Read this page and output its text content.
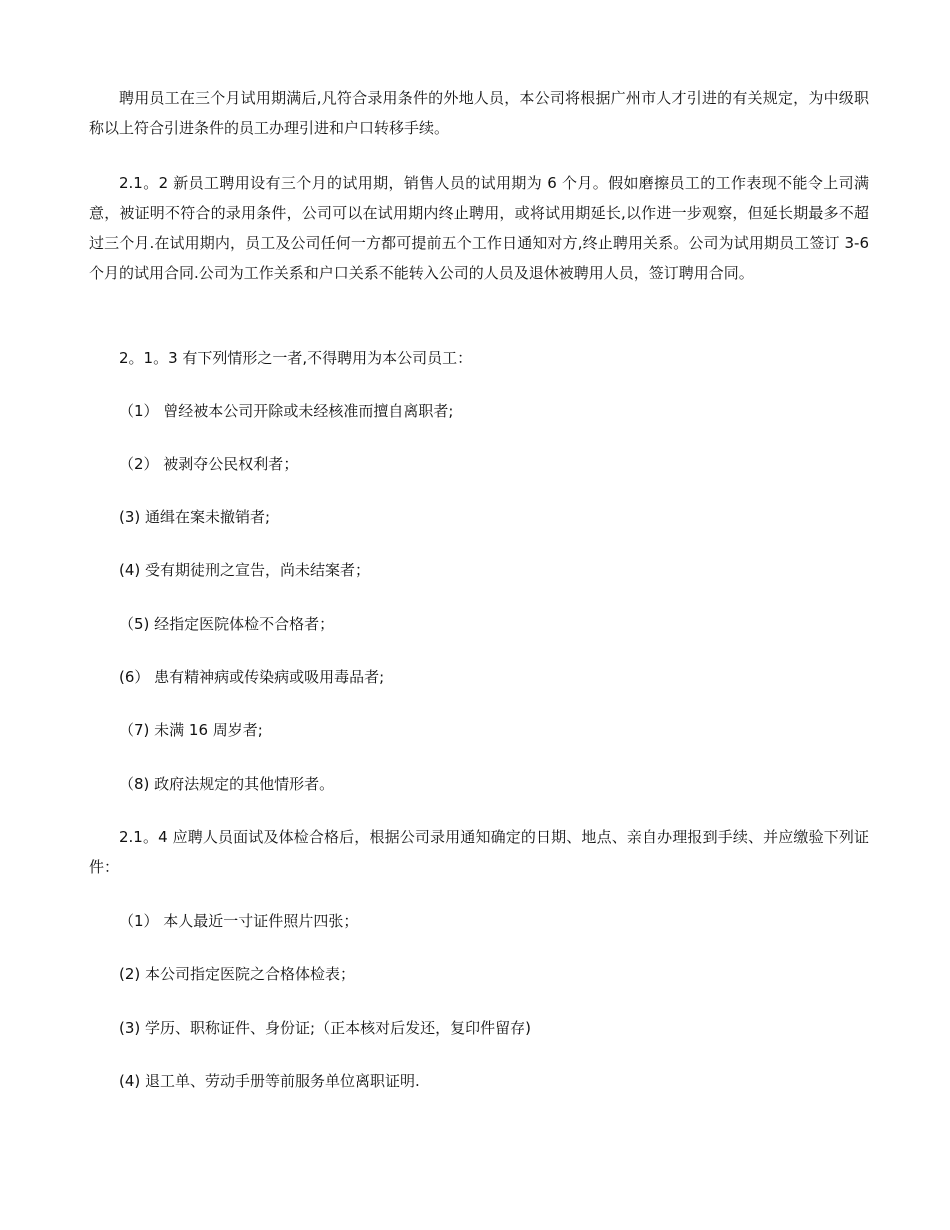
聘用员工在三个月试用期满后,凡符合录用条件的外地人员，本公司将根据广州市人才引进的有关规定，为中级职称以上符合引进条件的员工办理引进和户口转移手续。

2.1。2 新员工聘用设有三个月的试用期，销售人员的试用期为 6 个月。假如磨擦员工的工作表现不能令上司满意，被证明不符合的录用条件，公司可以在试用期内终止聘用，或将试用期延长,以作进一步观察，但延长期最多不超过三个月.在试用期内，员工及公司任何一方都可提前五个工作日通知对方,终止聘用关系。公司为试用期员工签订 3-6 个月的试用合同.公司为工作关系和户口关系不能转入公司的人员及退休被聘用人员，签订聘用合同。

2。1。3 有下列情形之一者,不得聘用为本公司员工：

（1） 曾经被本公司开除或未经核准而擅自离职者;

（2） 被剥夺公民权利者；

(3) 通缉在案未撤销者;

(4) 受有期徒刑之宣告，尚未结案者；

（5) 经指定医院体检不合格者；

(6） 患有精神病或传染病或吸用毒品者;

（7) 未满 16 周岁者;

（8) 政府法规定的其他情形者。

2.1。4 应聘人员面试及体检合格后，根据公司录用通知确定的日期、地点、亲自办理报到手续、并应缴验下列证件：

（1） 本人最近一寸证件照片四张；

(2) 本公司指定医院之合格体检表；

(3) 学历、职称证件、身份证;（正本核对后发还，复印件留存)

(4) 退工单、劳动手册等前服务单位离职证明.
